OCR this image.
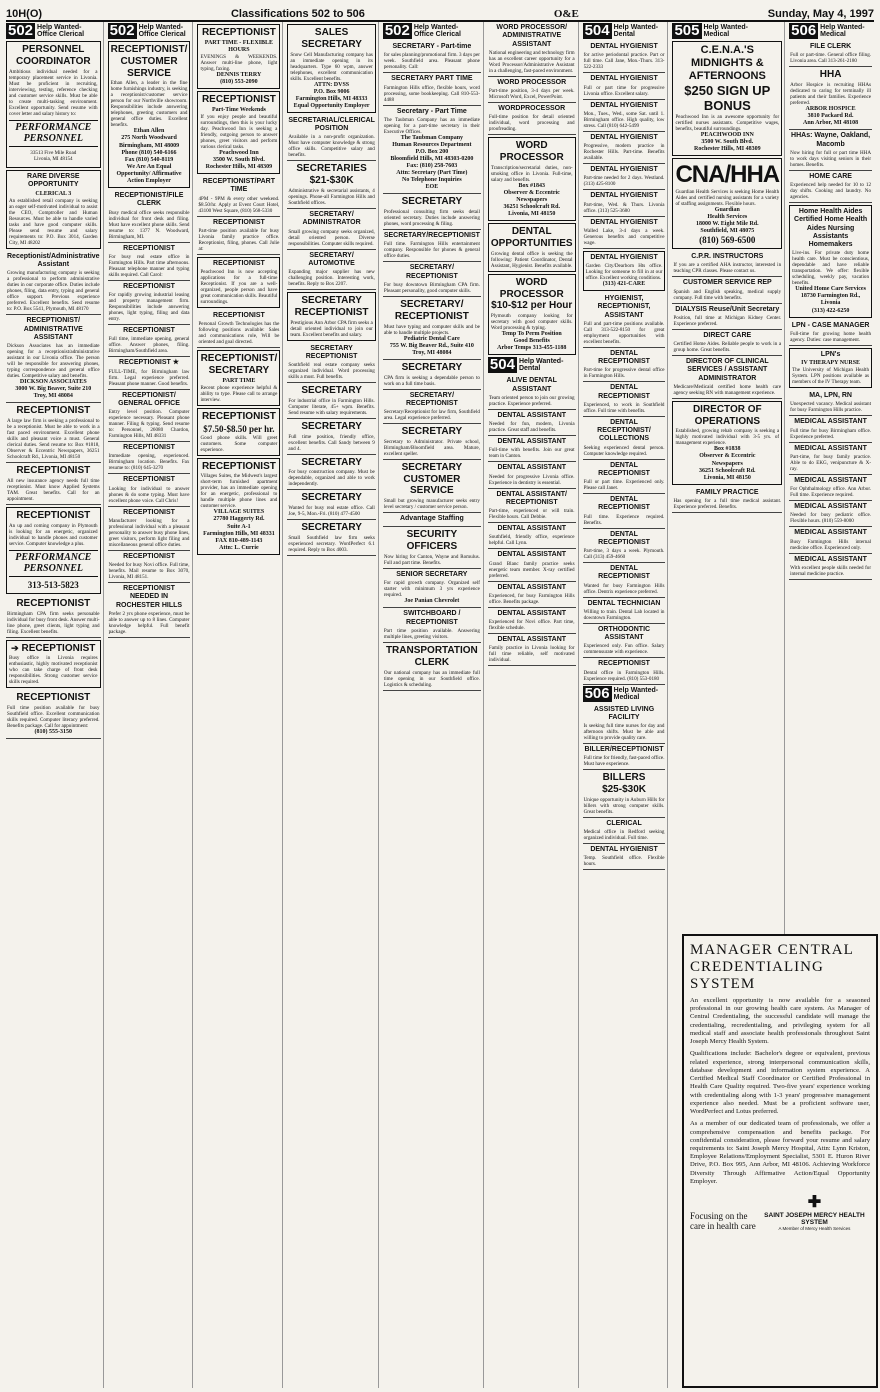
10H(O)	Classifications 502 to 506	O&E	Sunday, May 4, 1997
502 Help Wanted-
Office Clerical
PERSONNEL COORDINATOR

Ambitious individual needed for a temporary placement service in Livonia. Must be proficient in recruiting, interviewing, testing, reference checking and customer service skills. Must be able to create multi-tasking environment. Excellent opportunity. Send resume with cover letter and salary history to:

PERFORMANCE PERSONNEL
33513 Five Mile Road
Livonia, MI 48154
RARE DIVERSE OPPORTUNITY
CLERICAL 3

An established retail company is seeking an eager self-motivated individual to assist the CEO, Comptroller and Human Resources. Must be able to handle varied tasks and have good computer skills. Please send resume and salary requirements to: P.O. Box 3014, Garden City, MI 48202

Receptionist/Administrative Assistant

Growing manufacturing company is seeking a professional to perform administrative duties in our corporate office. Duties include phones, filing, data entry, typing and general office support. Previous experience preferred. Excellent benefits. Send resume to: P.O. Box 5541, Plymouth, MI 48170

RECEPTIONIST/ ADMINISTRATIVE ASSISTANT

Dickson Associates has an immediate opening for a receptionist/administrative assistant in our Livonia office. The person will be responsible for answering phones, typing correspondence and general office duties. Competitive salary and benefits.

DICKSON ASSOCIATES
3000 W. Big Beaver, Suite 210
Troy, MI 48084
RECEPTIONIST

A large law firm is seeking a professional to be a receptionist. Must be able to work in a fast paced environment. Excellent phone skills and pleasant voice a must. General clerical duties. Send resume to: Box #1818, Observer & Eccentric Newspapers, 36251 Schoolcraft Rd., Livonia, MI 48150

RECEPTIONIST

All new insurance agency needs full time receptionist. Must know Applied Systems TAM. Great benefits. Call for an appointment.

RECEPTIONIST

An up and coming company in Plymouth is looking for an energetic, organized individual to handle phones and customer service. Computer knowledge a plus.

PERFORMANCE PERSONNEL
313-513-5823
RECEPTIONIST

Birmingham CPA firm seeks personable individual for busy front desk. Answer multi-line phone, greet clients, light typing and filing. Excellent benefits.

➔ RECEPTIONIST

Busy office in Livonia requires enthusiastic, highly motivated receptionist who can take charge of front desk responsibilities. Strong customer service skills required.

RECEPTIONIST

Full time position available for busy Southfield office. Excellent communication skills required. Computer literacy preferred. Benefits package. Call for appointment:

(810) 555-3150
502 Help Wanted-
Office Clerical
RECEPTIONIST/ CUSTOMER SERVICE

Ethan Allen, a leader in the fine home furnishings industry, is seeking a receptionist/customer service person for our Northville showroom. Responsibilities include answering telephones, greeting customers and general office duties. Excellent benefits.

Ethan Allen
275 North Woodward
Birmingham, MI 48009
Phone (810) 540-6166
Fax (810) 540-8119
We Are An Equal Opportunity/ Affirmative Action Employer
RECEPTIONIST/FILE CLERK

Busy medical office seeks responsible individual for front desk and filing. Must have excellent phone skills. Send resume to: 1377 N. Woodward, Birmingham, MI.

RECEPTIONIST

For busy real estate office in Farmington Hills. Part time afternoons. Pleasant telephone manner and typing skills required. Call Carol:

RECEPTIONIST

For rapidly growing industrial leasing and property management firm. Responsibilities include answering phones, light typing, filing and data entry.

RECEPTIONIST

Full time, immediate opening, general office. Answer phones, filing. Birmingham/Southfield area.

RECEPTIONIST ★

FULL-TIME, for Birmingham law firm. Legal experience preferred. Pleasant phone manner. Good benefits.

RECEPTIONIST/ GENERAL OFFICE

Entry level position. Computer experience necessary. Pleasant phone manner. Filing & typing. Send resume to: Personnel, 26080 Chardon, Farmington Hills, MI 48331

RECEPTIONIST

Immediate opening, experienced. Birmingham location. Benefits. Fax resume to: (810) 645-3270

RECEPTIONIST

Looking for individual to answer phones & do some typing. Must have excellent phone voice. Call Chris!

RECEPTIONIST

Manufacturer looking for a professional individual with a pleasant personality to answer busy phone lines, greet visitors, perform light filing and miscellaneous general office duties.

RECEPTIONIST

Needed for busy Novi office. Full time, benefits. Mail resume to Box 3070, Livonia, MI 48151.

RECEPTIONIST NEEDED IN ROCHESTER HILLS

Prefer 2 yrs phone experience, must be able to answer up to 8 lines. Computer knowledge helpful. Full benefit package.

RECEPTIONIST
PART TIME - FLEXIBLE HOURS

EVENINGS & WEEKENDS. Answer multi-line phone, light typing, faxing.

DENNIS TERRY
(810) 553-2090
RECEPTIONIST
Part-Time Weekends

If you enjoy people and beautiful surroundings, then this is your lucky day. Peachwood Inn is seeking a friendly, outgoing person to answer phones, greet visitors and perform various clerical tasks.

Peachwood Inn
3500 W. South Blvd.
Rochester Hills, MI 48309
RECEPTIONIST/PART TIME

4PM - 9PM & every other weekend. $8.50/hr. Apply at Event Court Hotel, 43100 West Square, (810) 568-5330

RECEPTIONIST

Part-time position available for busy Livonia family practice office. Receptionist, filing, phones. Call Julie at:

RECEPTIONIST

Peachwood Inn is now accepting applications for a full-time Receptionist. If you are a well-organized, people person and have great communication skills. Beautiful surroundings.

RECEPTIONIST

Personal Growth Technologies has the following positions available: Sales and communications role, Will be oriented and goal directed.

RECEPTIONIST/ SECRETARY
PART TIME

Recent phone experience helpful & ability to type. Please call to arrange interview.

RECEPTIONIST
$7.50-$8.50 per hr.

Good phone skills. Will greet customers. Some computer experience.

RECEPTIONIST

Villages Suites, the Midwest's largest short-term furnished apartment provider, has an immediate opening for an energetic, professional to handle multiple phone lines and customer service.

VILLAGE SUITES
27780 Haggerty Rd.
Suite A-1
Farmington Hills, MI 48331
FAX 810-489-1143
Attn: L. Currie
SALES SECRETARY

Snow Cell Manufacturing company has an immediate opening in its headquarters. Type 60 wpm, answer telephones, excellent communication skills. Excellent benefits.

ATTN: DVSS
P.O. Box 9006
Farmington Hills, MI 48333
Equal Opportunity Employer
SECRETARIAL/CLERICAL POSITION

Available in a non-profit organization. Must have computer knowledge & strong office skills. Competitive salary and benefits.

SECRETARIES $21-$30K

Administrative & secretarial assistants, 4 openings. Phone-all Farmington Hills and Southfield offices.

SECRETARY/ ADMINISTRATOR

Small growing company seeks organized, detail oriented person. Diverse responsibilities. Computer skills required.

SECRETARY/ AUTOMOTIVE

Expanding major supplier has new challenging position. Interesting work, benefits. Reply to Box 2207.

SECRETARY RECEPTIONIST

Prestigious Ann Arbor CPA firm seeks a detail oriented individual to join our team. Excellent benefits and salary.

SECRETARY RECEPTIONIST

Southfield real estate company seeks organized individual. Word processing skills a must. Full benefits.

SECRETARY

For industrial office in Farmington Hills. Computer literate, 45+ wpm. Benefits. Send resume with salary requirements.

SECRETARY

Full time position, friendly office, excellent benefits. Call Sandy between 9 and 4.

SECRETARY

For busy construction company. Must be dependable, organized and able to work independently.

SECRETARY

Wanted for busy real estate office. Call Joe, 9-5, Mon.-Fri. (810) 477-4500

SECRETARY

Small Southfield law firm seeks experienced secretary. WordPerfect 6.1 required. Reply to Box 4003.

502 Help Wanted-
Office Clerical
SECRETARY - Part-time

for sales planning/promotional firm. 3 days per week. Southfield area. Pleasant phone personality. Call:

SECRETARY PART TIME

Farmington Hills office, flexible hours, word processing, some bookkeeping. Call 810-553-4488

Secretary - Part Time

The Taubman Company has an immediate opening for a part-time secretary in their Executive Offices.

The Taubman Company
Human Resources Department
P.O. Box 200
Bloomfield Hills, MI 48303-0200
Fax: (810) 258-7603
Attn: Secretary (Part Time)
No Telephone Inquiries
EOE
SECRETARY

Professional consulting firm seeks detail oriented secretary. Duties include answering phones, word processing & filing.

SECRETARY/RECEPTIONIST

Full time. Farmington Hills entertainment company. Responsible for phones & general office duties.

SECRETARY/ RECEPTIONIST

For busy downtown Birmingham CPA firm. Pleasant personality, good computer skills.

SECRETARY/ RECEPTIONIST

Must have typing and computer skills and be able to handle multiple projects.

Pediatric Dental Care
755 W. Big Beaver Rd., Suite 410
Troy, MI 48084
SECRETARY

CPA firm is seeking a dependable person to work on a full time basis.

SECRETARY/ RECEPTIONIST

Secretary/Receptionist for law firm, Southfield area. Legal experience preferred.

SECRETARY

Secretary to Administrator. Private school, Birmingham/Bloomfield area. Mature, excellent speller.

SECRETARY CUSTOMER SERVICE

Small but growing manufacturer seeks entry level secretary / customer service person.

Advantage Staffing
SECURITY OFFICERS

Now hiring for Canton, Wayne and Romulus. Full and part time. Benefits.

SENIOR SECRETARY

For rapid growth company. Organized self starter with minimum 3 yrs experience required.

Joe Panian Chevrolet
SWITCHBOARD / RECEPTIONIST

Part time position available. Answering multiple lines, greeting visitors.

TRANSPORTATION CLERK

Our national company has an immediate full time opening in our Southfield office. Logistics & scheduling.

WORD PROCESSOR/ ADMINISTRATIVE ASSISTANT

National engineering and technology firm has an excellent career opportunity for a Word Processor/Administrative Assistant in a challenging, fast-paced environment.

WORD PROCESSOR

Part-time position, 3-4 days per week. Microsoft Word, Excel, PowerPoint.

WORDPROCESSOR

Full-time position for detail oriented individual, word processing and proofreading.

WORD PROCESSOR

Transcription/secretarial duties, non-smoking office in Livonia. Full-time, salary and benefits.

Box #1843
Observer & Eccentric Newspapers
36251 Schoolcraft Rd.
Livonia, MI 48150
DENTAL OPPORTUNITIES

Growing dental office is seeking the following: Patient Coordinator, Dental Assistant, Hygienist. Benefits available.

WORD PROCESSOR $10-$12 per Hour

Plymouth company looking for secretary with good computer skills. Word processing & typing.

Temp To Perm Position
Good Benefits
Arbor Temps 313-455-1188
504 Help Wanted-Dental
ALIVE DENTAL ASSISTANT

Team oriented person to join our growing practice. Experience preferred.

DENTAL ASSISTANT

Needed for fun, modern, Livonia practice. Great staff and benefits.

DENTAL ASSISTANT

Full-time with benefits. Join our great team in Canton.

DENTAL ASSISTANT

Needed for progressive Livonia office. Experience in dentistry is essential.

DENTAL ASSISTANT/ RECEPTIONIST

Part-time, experienced or will train. Flexible hours. Call Debbie.

DENTAL ASSISTANT

Southfield, friendly office, experience helpful. Call Lynn.

DENTAL ASSISTANT

Grand Blanc family practice seeks energetic team member. X-ray certified preferred.

DENTAL ASSISTANT

Experienced, for busy Farmington Hills office. Benefits package.

DENTAL ASSISTANT

Experienced for Novi office. Part time, flexible schedule.

DENTAL ASSISTANT

Family practice in Livonia looking for full time reliable, self motivated individual.

504 Help Wanted-Dental
DENTAL HYGIENIST

for active periodontal practice. Part or full time. Call Jane, Mon.-Thurs. 313-522-2333

DENTAL HYGIENIST

Full or part time for progressive Livonia office. Excellent salary.

DENTAL HYGIENIST

Mon., Tues., Wed., some Sat. until 1. Birmingham office. High quality, low stress. Call (810) 642-5499

DENTAL HYGIENIST

Progressive, modern practice in Rochester Hills. Part-time. Benefits available.

DENTAL HYGIENIST

Part-time needed for 2 days. Westland. (313) 425-8100

DENTAL HYGIENIST

Part-time, Wed. & Thurs. Livonia office. (313) 525-3680

DENTAL HYGIENIST

Walled Lake, 3-4 days a week. Generous benefits and competitive wage.

DENTAL HYGIENIST

Garden City/Dearborn Hts office. Looking for someone to fill in at our office. Excellent working conditions.

(313) 421-CARE
HYGIENIST, RECEPTIONIST, ASSISTANT

Full and part-time positions available. Call 313-522-8150 for great employment opportunities with excellent benefits.

DENTAL RECEPTIONIST

Part-time for progressive dental office in Farmington Hills.

DENTAL RECEPTIONIST

Experienced, to work in Southfield office. Full time with benefits.

DENTAL RECEPTIONIST/ COLLECTIONS

Seeking experienced dental person. Computer knowledge required.

DENTAL RECEPTIONIST

Full or part time. Experienced only. Please call Janet.

DENTAL RECEPTIONIST

Full time. Experience required. Benefits.

DENTAL RECEPTIONIST

Part-time, 3 days a week. Plymouth. Call (313) 459-4660

DENTAL RECEPTIONIST

Wanted for busy Farmington Hills office. Dentrix experience preferred.

DENTAL TECHNICIAN

Willing to train. Dental Lab located in downtown Farmington.

ORTHODONTIC ASSISTANT

Experienced only. Fun office. Salary commensurate with experience.

RECEPTIONIST

Dental office in Farmington Hills. Experience required. (810) 553-0180

506 Help Wanted-
Medical
ASSISTED LIVING FACILITY

Is seeking full time nurses for day and afternoon shifts. Must be able and willing to provide quality care.

BILLER/RECEPTIONIST

Full time for friendly, fast-paced office. Must have experience.

BILLERS $25-$30K

Unique opportunity in Auburn Hills for billers with strong computer skills. Great benefits.

CLERICAL

Medical office in Redford seeking organized individual. Full time.

DENTAL HYGIENIST

Temp. Southfield office. Flexible hours.

505 Help Wanted-
Medical
C.E.N.A.'S
MIDNIGHTS & AFTERNOONS
$250 SIGN UP BONUS

Peachwood Inn is an awesome opportunity for certified nurses assistants. Competitive wages, benefits, beautiful surroundings.

PEACHWOOD INN
3500 W. South Blvd.
Rochester Hills, MI 48309
CNA/HHA

Guardian Health Services is seeking Home Health Aides and certified nursing assistants for a variety of staffing assignments. Flexible hours.

Guardian
Health Services
18000 W. Eight Mile Rd.
Southfield, MI 48075
(810) 569-6500
C.P.R. INSTRUCTORS

If you are a certified AHA instructor, interested in teaching CPR classes. Please contact us.

CUSTOMER SERVICE REP

Spanish and English speaking, medical supply company. Full time with benefits.

DIALYSIS Reuse/Unit Secretary

Position, full time at Michigan Kidney Center. Experience preferred.

DIRECT CARE

Certified Home Aides. Reliable people to work in a group home. Great benefits.

DIRECTOR OF CLINICAL SERVICES / ASSISTANT ADMINISTRATOR

Medicare/Medicaid certified home health care agency seeking RN with management experience.

DIRECTOR OF OPERATIONS

Established, growing rehab company is seeking a highly motivated individual with 3-5 yrs. of management experience.

Box #1838
Observer & Eccentric
Newspapers
36251 Schoolcraft Rd.
Livonia, MI 48150
FAMILY PRACTICE

Has opening for a full time medical assistant. Experience preferred. Benefits.

506 Help Wanted-
Medical
FILE CLERK

Full or part-time. General office filing. Livonia area. Call 313-261-2180

HHA

Arbor Hospice is recruiting HHAs dedicated to caring for terminally ill patients and their families. Experience preferred.

ARBOR HOSPICE
3810 Packard Rd.
Ann Arbor, MI 48108
HHAs: Wayne, Oakland, Macomb

Now hiring for full or part time HHA to work days visiting seniors in their homes. Benefits.

HOME CARE

Experienced help needed for 10 to 12 day shifts. Cooking and laundry. No agencies.

Home Health Aides Certified Home Health Aides Nursing Assistants Homemakers

Live-ins. For private duty home health care. Must be conscientious, dependable and have reliable transportation. We offer: flexible scheduling, weekly pay, vacation benefits.

United Home Care Services
18730 Farmington Rd., Livonia
(313) 422-6250
LPN - CASE MANAGER

Full-time for growing home health agency. Duties: case management.

LPN's
IV THERAPY NURSE

The University of Michigan Health System. LPN positions available as members of the IV Therapy team.

MA, LPN, RN

Unexpected vacancy. Medical assistant for busy Farmington Hills practice.

MEDICAL ASSISTANT

Full time for busy Birmingham office. Experience preferred.

MEDICAL ASSISTANT

Part-time, for busy family practice. Able to do EKG, venipuncture & X-ray.

MEDICAL ASSISTANT

For Ophthalmology office. Ann Arbor. Full time. Experience required.

MEDICAL ASSISTANT

Needed for busy pediatric office. Flexible hours. (810) 559-8000

MEDICAL ASSISTANT

Busy Farmington Hills internal medicine office. Experienced only.

MEDICAL ASSISTANT

With excellent people skills needed for internal medicine practice.

MANAGER CENTRAL CREDENTIALING SYSTEM

An excellent opportunity is now available for a seasoned professional in our growing health care system. As Manager of Central Credentialing, the successful candidate will manage the credentialing, recredentialing, and privileging system for all medical staff and associate health professionals throughout Saint Joseph Mercy Health System.

Qualifications include: Bachelor's degree or equivalent, previous related experience, strong interpersonal communication skills, database development and information system experience. A Certified Medical Staff Coordinator or Certified Professional in Health Care Quality required. Two-five years' experience working with credentialing along with 1-3 years' progressive management experience also needed. Must be a proficient software user, WordPerfect and Lotus preferred.

As a member of our dedicated team of professionals, we offer a comprehensive compensation and benefits package. For confidential consideration, please forward your resume and salary requirements to: Saint Joseph Mercy Hospital, Attn: Lynn Kriston, Employee Relations/Employment Specialist, 5301 E. Huron River Drive, P.O. Box 995, Ann Arbor, MI 48106. Achieving Workforce Diversity Through Affirmative Action/Equal Opportunity Employer.

Focusing on the care in health care
✚
SAINT JOSEPH MERCY HEALTH SYSTEM
A Member of Mercy Health Services
